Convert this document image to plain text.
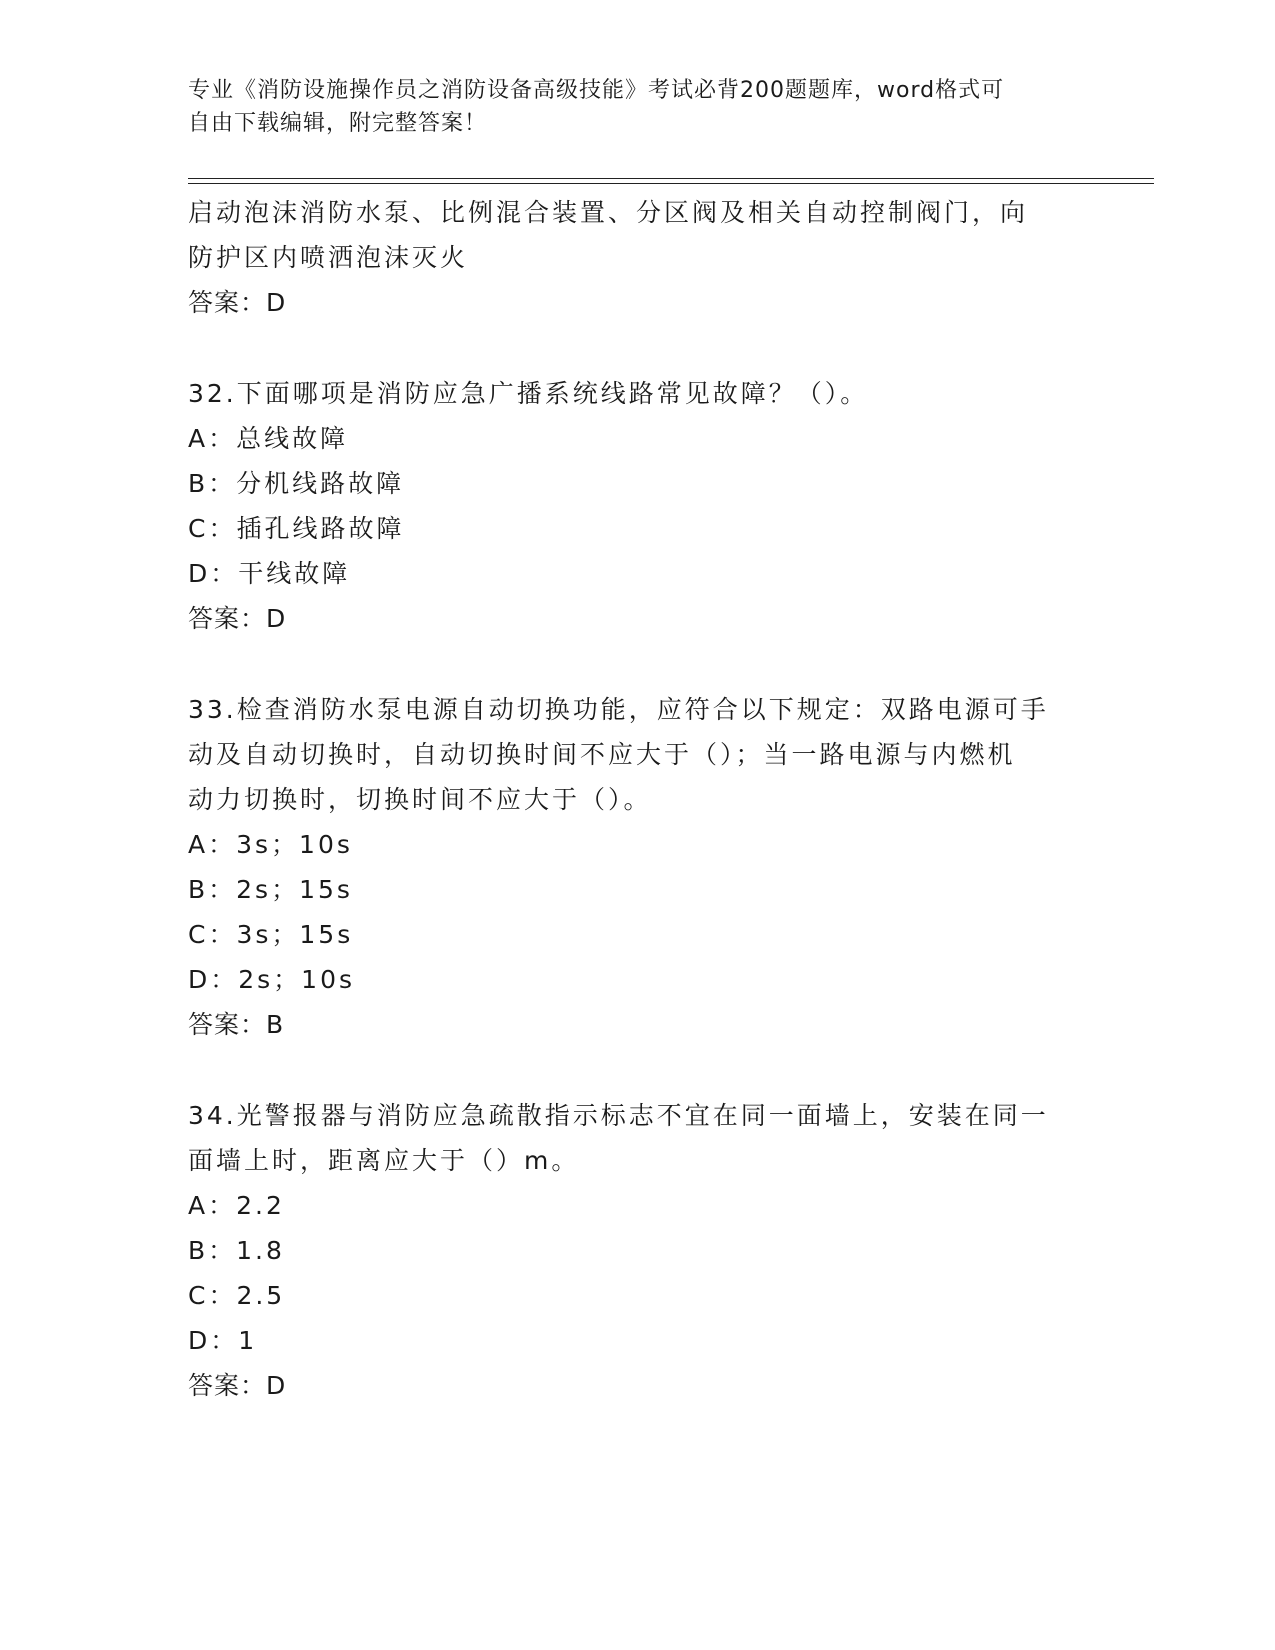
专业《消防设施操作员之消防设备高级技能》考试必背200题题库，word格式可
自由下载编辑，附完整答案！
启动泡沫消防水泵、比例混合装置、分区阀及相关自动控制阀门，向
防护区内喷洒泡沫灭火
答案：D
32.下面哪项是消防应急广播系统线路常见故障？（）。
A：总线故障
B：分机线路故障
C：插孔线路故障
D：干线故障
答案：D
33.检查消防水泵电源自动切换功能，应符合以下规定：双路电源可手
动及自动切换时，自动切换时间不应大于（）；当一路电源与内燃机
动力切换时，切换时间不应大于（）。
A：3s；10s
B：2s；15s
C：3s；15s
D：2s；10s
答案：B
34.光警报器与消防应急疏散指示标志不宜在同一面墙上，安装在同一
面墙上时，距离应大于（）m。
A：2.2
B：1.8
C：2.5
D：1
答案：D
